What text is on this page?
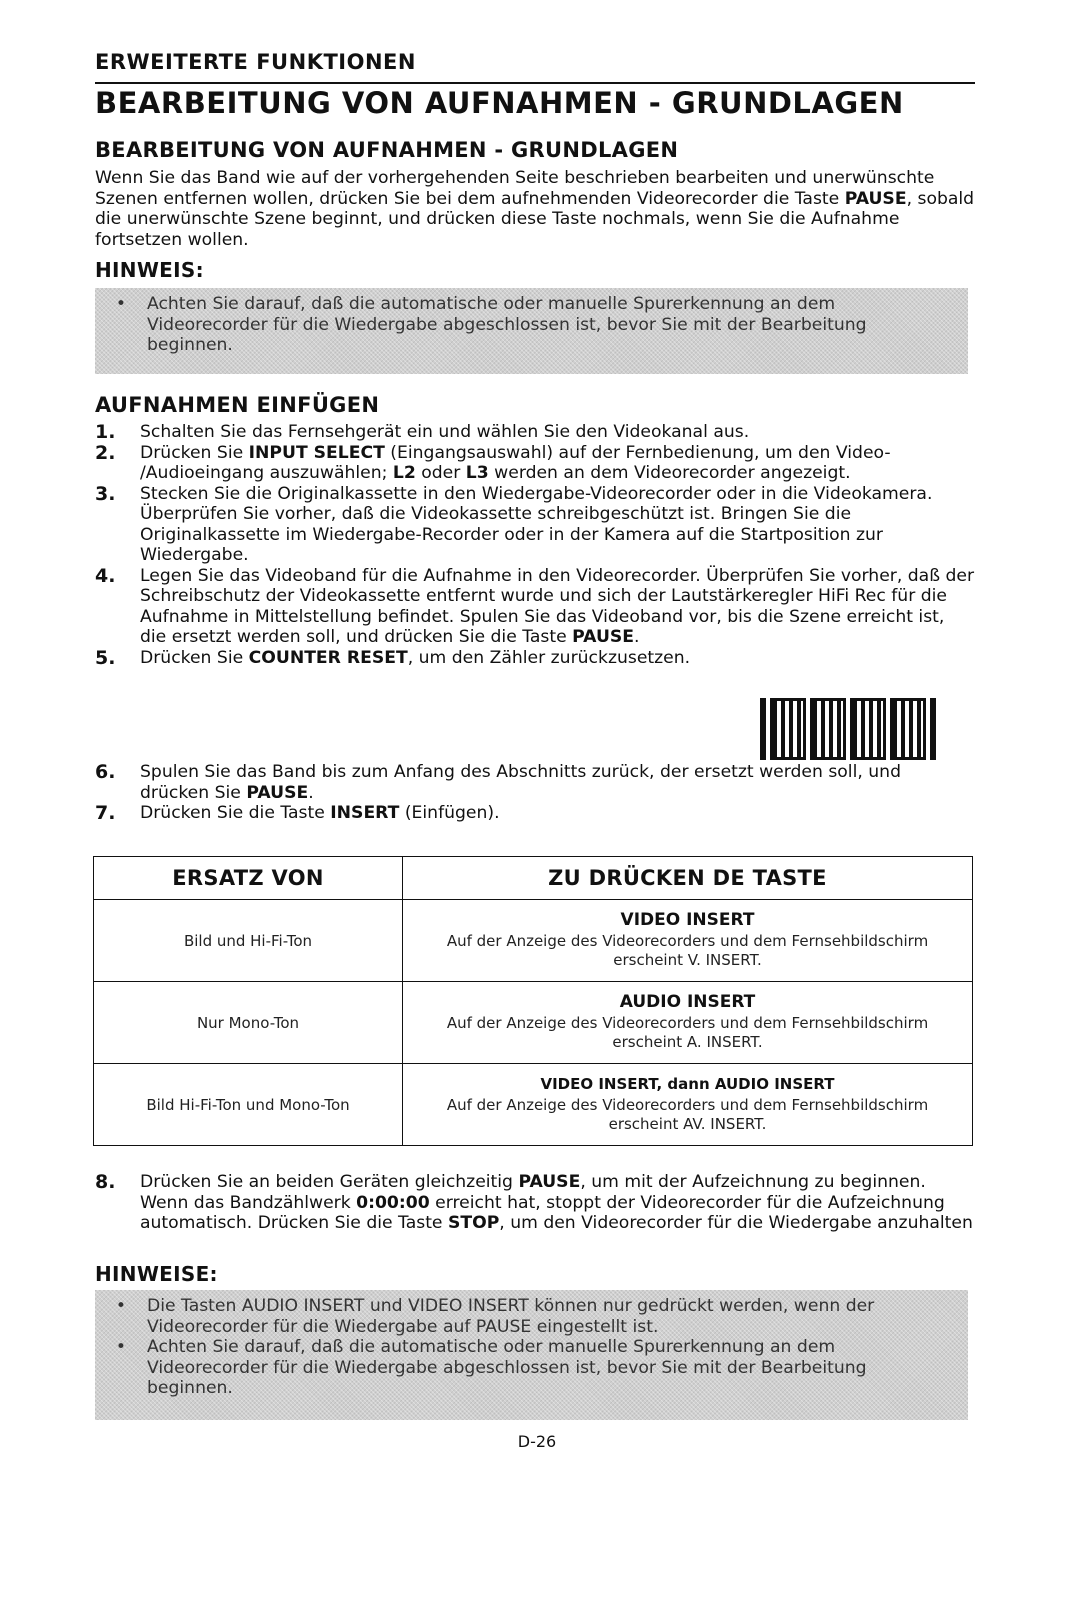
ERWEITERTE FUNKTIONEN
BEARBEITUNG VON AUFNAHMEN - GRUNDLAGEN
BEARBEITUNG VON AUFNAHMEN - GRUNDLAGEN
Wenn Sie das Band wie auf der vorhergehenden Seite beschrieben bearbeiten und unerwünschte Szenen entfernen wollen, drücken Sie bei dem aufnehmenden Videorecorder die Taste PAUSE, sobald die unerwünschte Szene beginnt, und drücken diese Taste nochmals, wenn Sie die Aufnahme fortsetzen wollen.
HINWEIS:
•	Achten Sie darauf, daß die automatische oder manuelle Spurerkennung an dem Videorecorder für die Wiedergabe abgeschlossen ist, bevor Sie mit der Bearbeitung beginnen.
AUFNAHMEN EINFÜGEN
1.	Schalten Sie das Fernsehgerät ein und wählen Sie den Videokanal aus.
2.	Drücken Sie INPUT SELECT (Eingangsauswahl) auf der Fernbedienung, um den Video- /Audioeingang auszuwählen; L2 oder L3 werden an dem Videorecorder angezeigt.
3.	Stecken Sie die Originalkassette in den Wiedergabe-Videorecorder oder in die Videokamera. Überprüfen Sie vorher, daß die Videokassette schreibgeschützt ist. Bringen Sie die Originalkassette im Wiedergabe-Recorder oder in der Kamera auf die Startposition zur Wiedergabe.
4.	Legen Sie das Videoband für die Aufnahme in den Videorecorder. Überprüfen Sie vorher, daß der Schreibschutz der Videokassette entfernt wurde und sich der Lautstärkeregler HiFi Rec für die Aufnahme in Mittelstellung befindet. Spulen Sie das Videoband vor, bis die Szene erreicht ist, die ersetzt werden soll, und drücken Sie die Taste PAUSE.
5.	Drücken Sie COUNTER RESET, um den Zähler zurückzusetzen.
6.	Spulen Sie das Band bis zum Anfang des Abschnitts zurück, der ersetzt werden soll, und drücken Sie PAUSE.
7.	Drücken Sie die Taste INSERT (Einfügen).
ERSATZ VON	ZU DRÜCKEN DE TASTE
Bild und Hi-Fi-Ton	VIDEO INSERT
Auf der Anzeige des Videorecorders und dem Fernsehbildschirm erscheint V. INSERT.
Nur Mono-Ton	AUDIO INSERT
Auf der Anzeige des Videorecorders und dem Fernsehbildschirm erscheint A. INSERT.
Bild Hi-Fi-Ton und Mono-Ton	VIDEO INSERT, dann AUDIO INSERT
Auf der Anzeige des Videorecorders und dem Fernsehbildschirm erscheint AV. INSERT.
8.	Drücken Sie an beiden Geräten gleichzeitig PAUSE, um mit der Aufzeichnung zu beginnen. Wenn das Bandzählwerk 0:00:00 erreicht hat, stoppt der Videorecorder für die Aufzeichnung automatisch. Drücken Sie die Taste STOP, um den Videorecorder für die Wiedergabe anzuhalten
HINWEISE:
•	Die Tasten AUDIO INSERT und VIDEO INSERT können nur gedrückt werden, wenn der Videorecorder für die Wiedergabe auf PAUSE eingestellt ist.
•	Achten Sie darauf, daß die automatische oder manuelle Spurerkennung an dem Videorecorder für die Wiedergabe abgeschlossen ist, bevor Sie mit der Bearbeitung beginnen.
D-26
